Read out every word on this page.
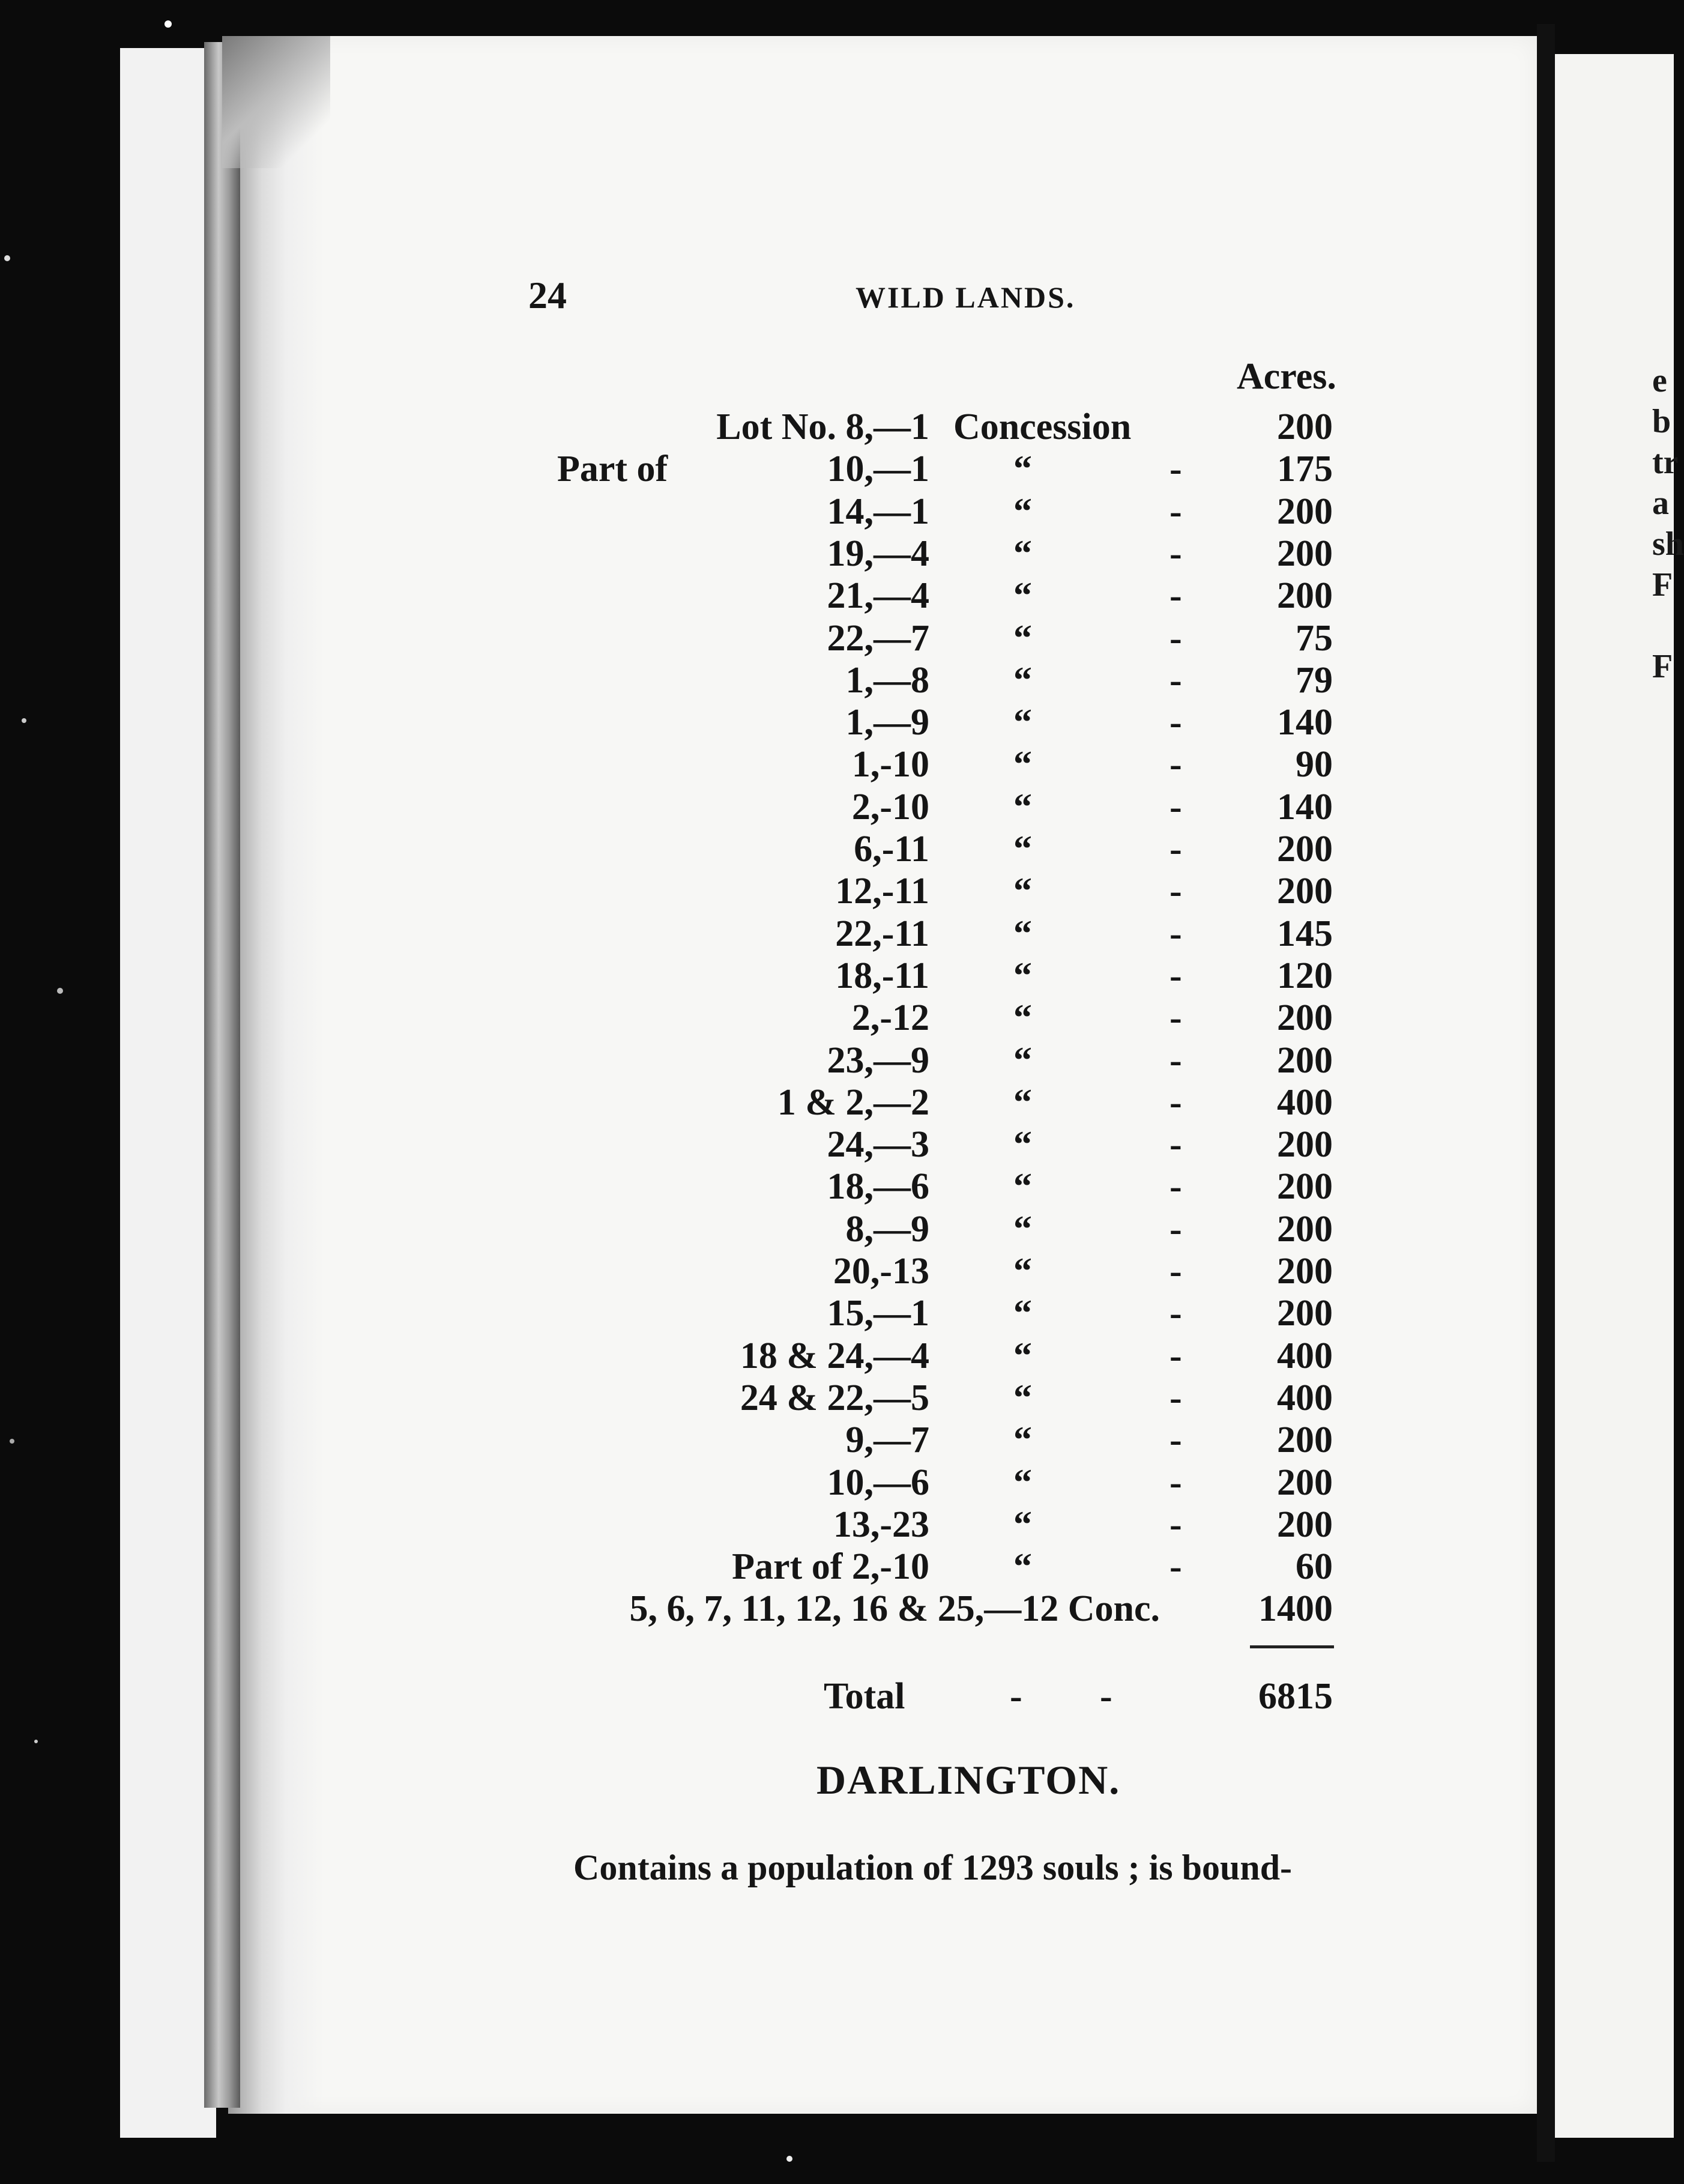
e
b
tr
a
sh
F
F
24	WILD LANDS.
Acres.
Lot No. 8,—1 Concession	200
Part of	10,—1 “	-	175
14,—1 “	-	200
19,—4 “	-	200
21,—4 “	-	200
22,—7 “	-	75
1,—8 “	-	79
1,—9 “	-	140
1,-10 “	-	90
2,-10 “	-	140
6,-11 “	-	200
12,-11 “	-	200
22,-11 “	-	145
18,-11 “	-	120
2,-12 “	-	200
23,—9 “	-	200
1 & 2,—2 “	-	400
24,—3 “	-	200
18,—6 “	-	200
8,—9 “	-	200
20,-13 “	-	200
15,—1 “	-	200
18 & 24,—4 “	-	400
24 & 22,—5 “	-	400
9,—7 “	-	200
10,—6 “	-	200
13,-23 “	-	200
Part of 2,-10 “	-	60
5, 6, 7, 11, 12, 16 & 25,—12 Conc.	1400
Total	- -	6815
DARLINGTON.
Contains a population of 1293 souls ; is bound-
